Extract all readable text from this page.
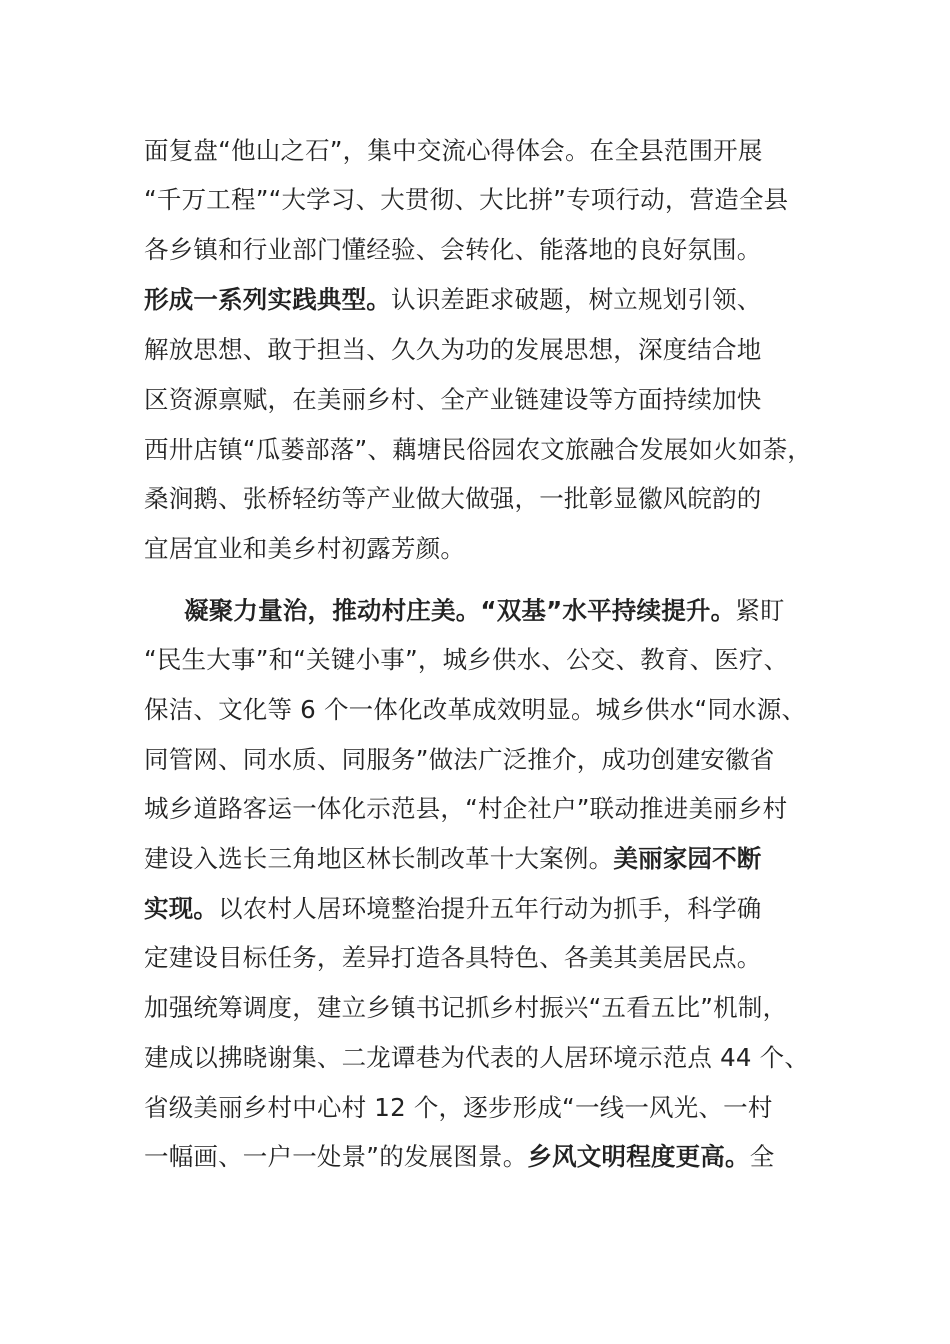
面复盘“他山之石”，集中交流心得体会。在全县范围开展
“千万工程”“大学习、大贯彻、大比拼”专项行动，营造全县
各乡镇和行业部门懂经验、会转化、能落地的良好氛围。
形成一系列实践典型。认识差距求破题，树立规划引领、
解放思想、敢于担当、久久为功的发展思想，深度结合地
区资源禀赋，在美丽乡村、全产业链建设等方面持续加快
西卅店镇“瓜蒌部落”、藕塘民俗园农文旅融合发展如火如荼，
桑涧鹅、张桥轻纺等产业做大做强，一批彰显徽风皖韵的
宜居宜业和美乡村初露芳颜。
凝聚力量治，推动村庄美。“双基”水平持续提升。紧盯
“民生大事”和“关键小事”，城乡供水、公交、教育、医疗、
保洁、文化等 6 个一体化改革成效明显。城乡供水“同水源、
同管网、同水质、同服务”做法广泛推介，成功创建安徽省
城乡道路客运一体化示范县，“村企社户”联动推进美丽乡村
建设入选长三角地区林长制改革十大案例。美丽家园不断
实现。以农村人居环境整治提升五年行动为抓手，科学确
定建设目标任务，差异打造各具特色、各美其美居民点。
加强统筹调度，建立乡镇书记抓乡村振兴“五看五比”机制，
建成以拂晓谢集、二龙谭巷为代表的人居环境示范点 44 个、
省级美丽乡村中心村 12 个，逐步形成“一线一风光、一村
一幅画、一户一处景”的发展图景。乡风文明程度更高。全
